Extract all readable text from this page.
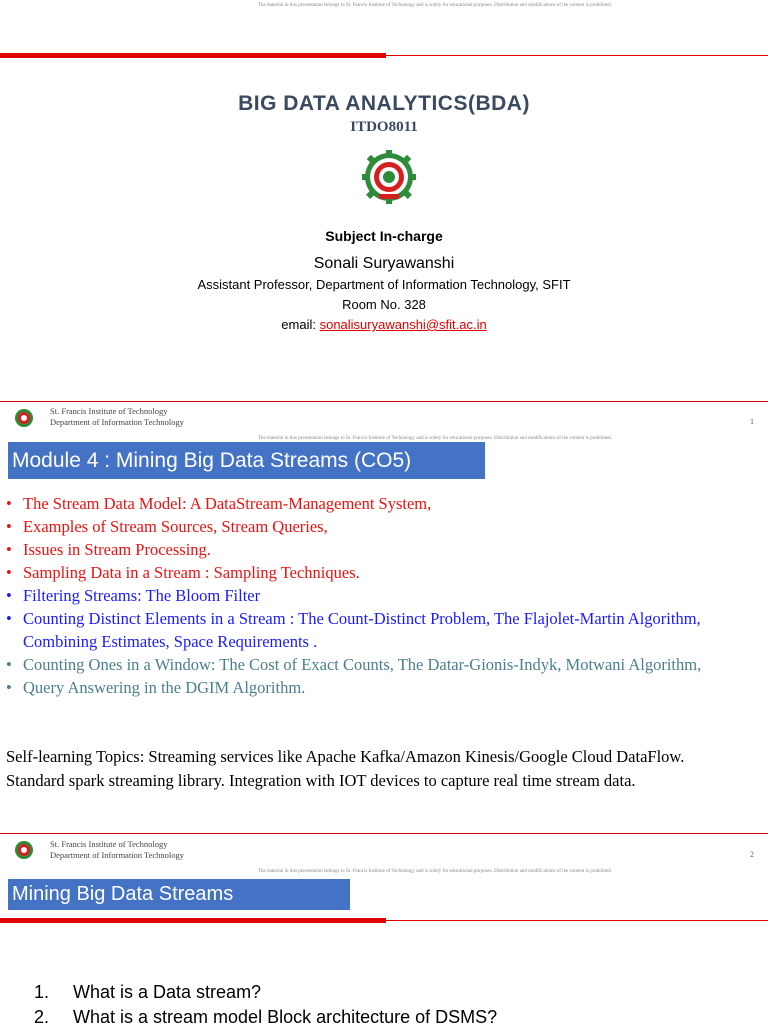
The material in this presentation belongs to St. Francis Institute of Technology and is solely for educational purposes. Distribution and modifications of the content is prohibited.
BIG DATA ANALYTICS(BDA)
ITDO8011
Subject In-charge
Sonali Suryawanshi
Assistant Professor, Department of Information Technology, SFIT
Room No. 328
email: sonalisuryawanshi@sfit.ac.in
St. Francis Institute of Technology
Department of Information Technology	1
The material in this presentation belongs to St. Francis Institute of Technology and is solely for educational purposes. Distribution and modifications of the content is prohibited.
Module 4 : Mining Big Data Streams (CO5)
• The Stream Data Model: A DataStream-Management System,
• Examples of Stream Sources, Stream Queries,
• Issues in Stream Processing.
• Sampling Data in a Stream : Sampling Techniques.
• Filtering Streams: The Bloom Filter
• Counting Distinct Elements in a Stream : The Count-Distinct Problem, The Flajolet-Martin Algorithm, Combining Estimates, Space Requirements .
• Counting Ones in a Window: The Cost of Exact Counts, The Datar-Gionis-Indyk, Motwani Algorithm,
• Query Answering in the DGIM Algorithm.
Self-learning Topics: Streaming services like Apache Kafka/Amazon Kinesis/Google Cloud DataFlow. Standard spark streaming library. Integration with IOT devices to capture real time stream data.
St. Francis Institute of Technology
Department of Information Technology	2
The material in this presentation belongs to St. Francis Institute of Technology and is solely for educational purposes. Distribution and modifications of the content is prohibited.
Mining Big Data Streams
1. What is a Data stream?
2. What is a stream model Block architecture of DSMS?
